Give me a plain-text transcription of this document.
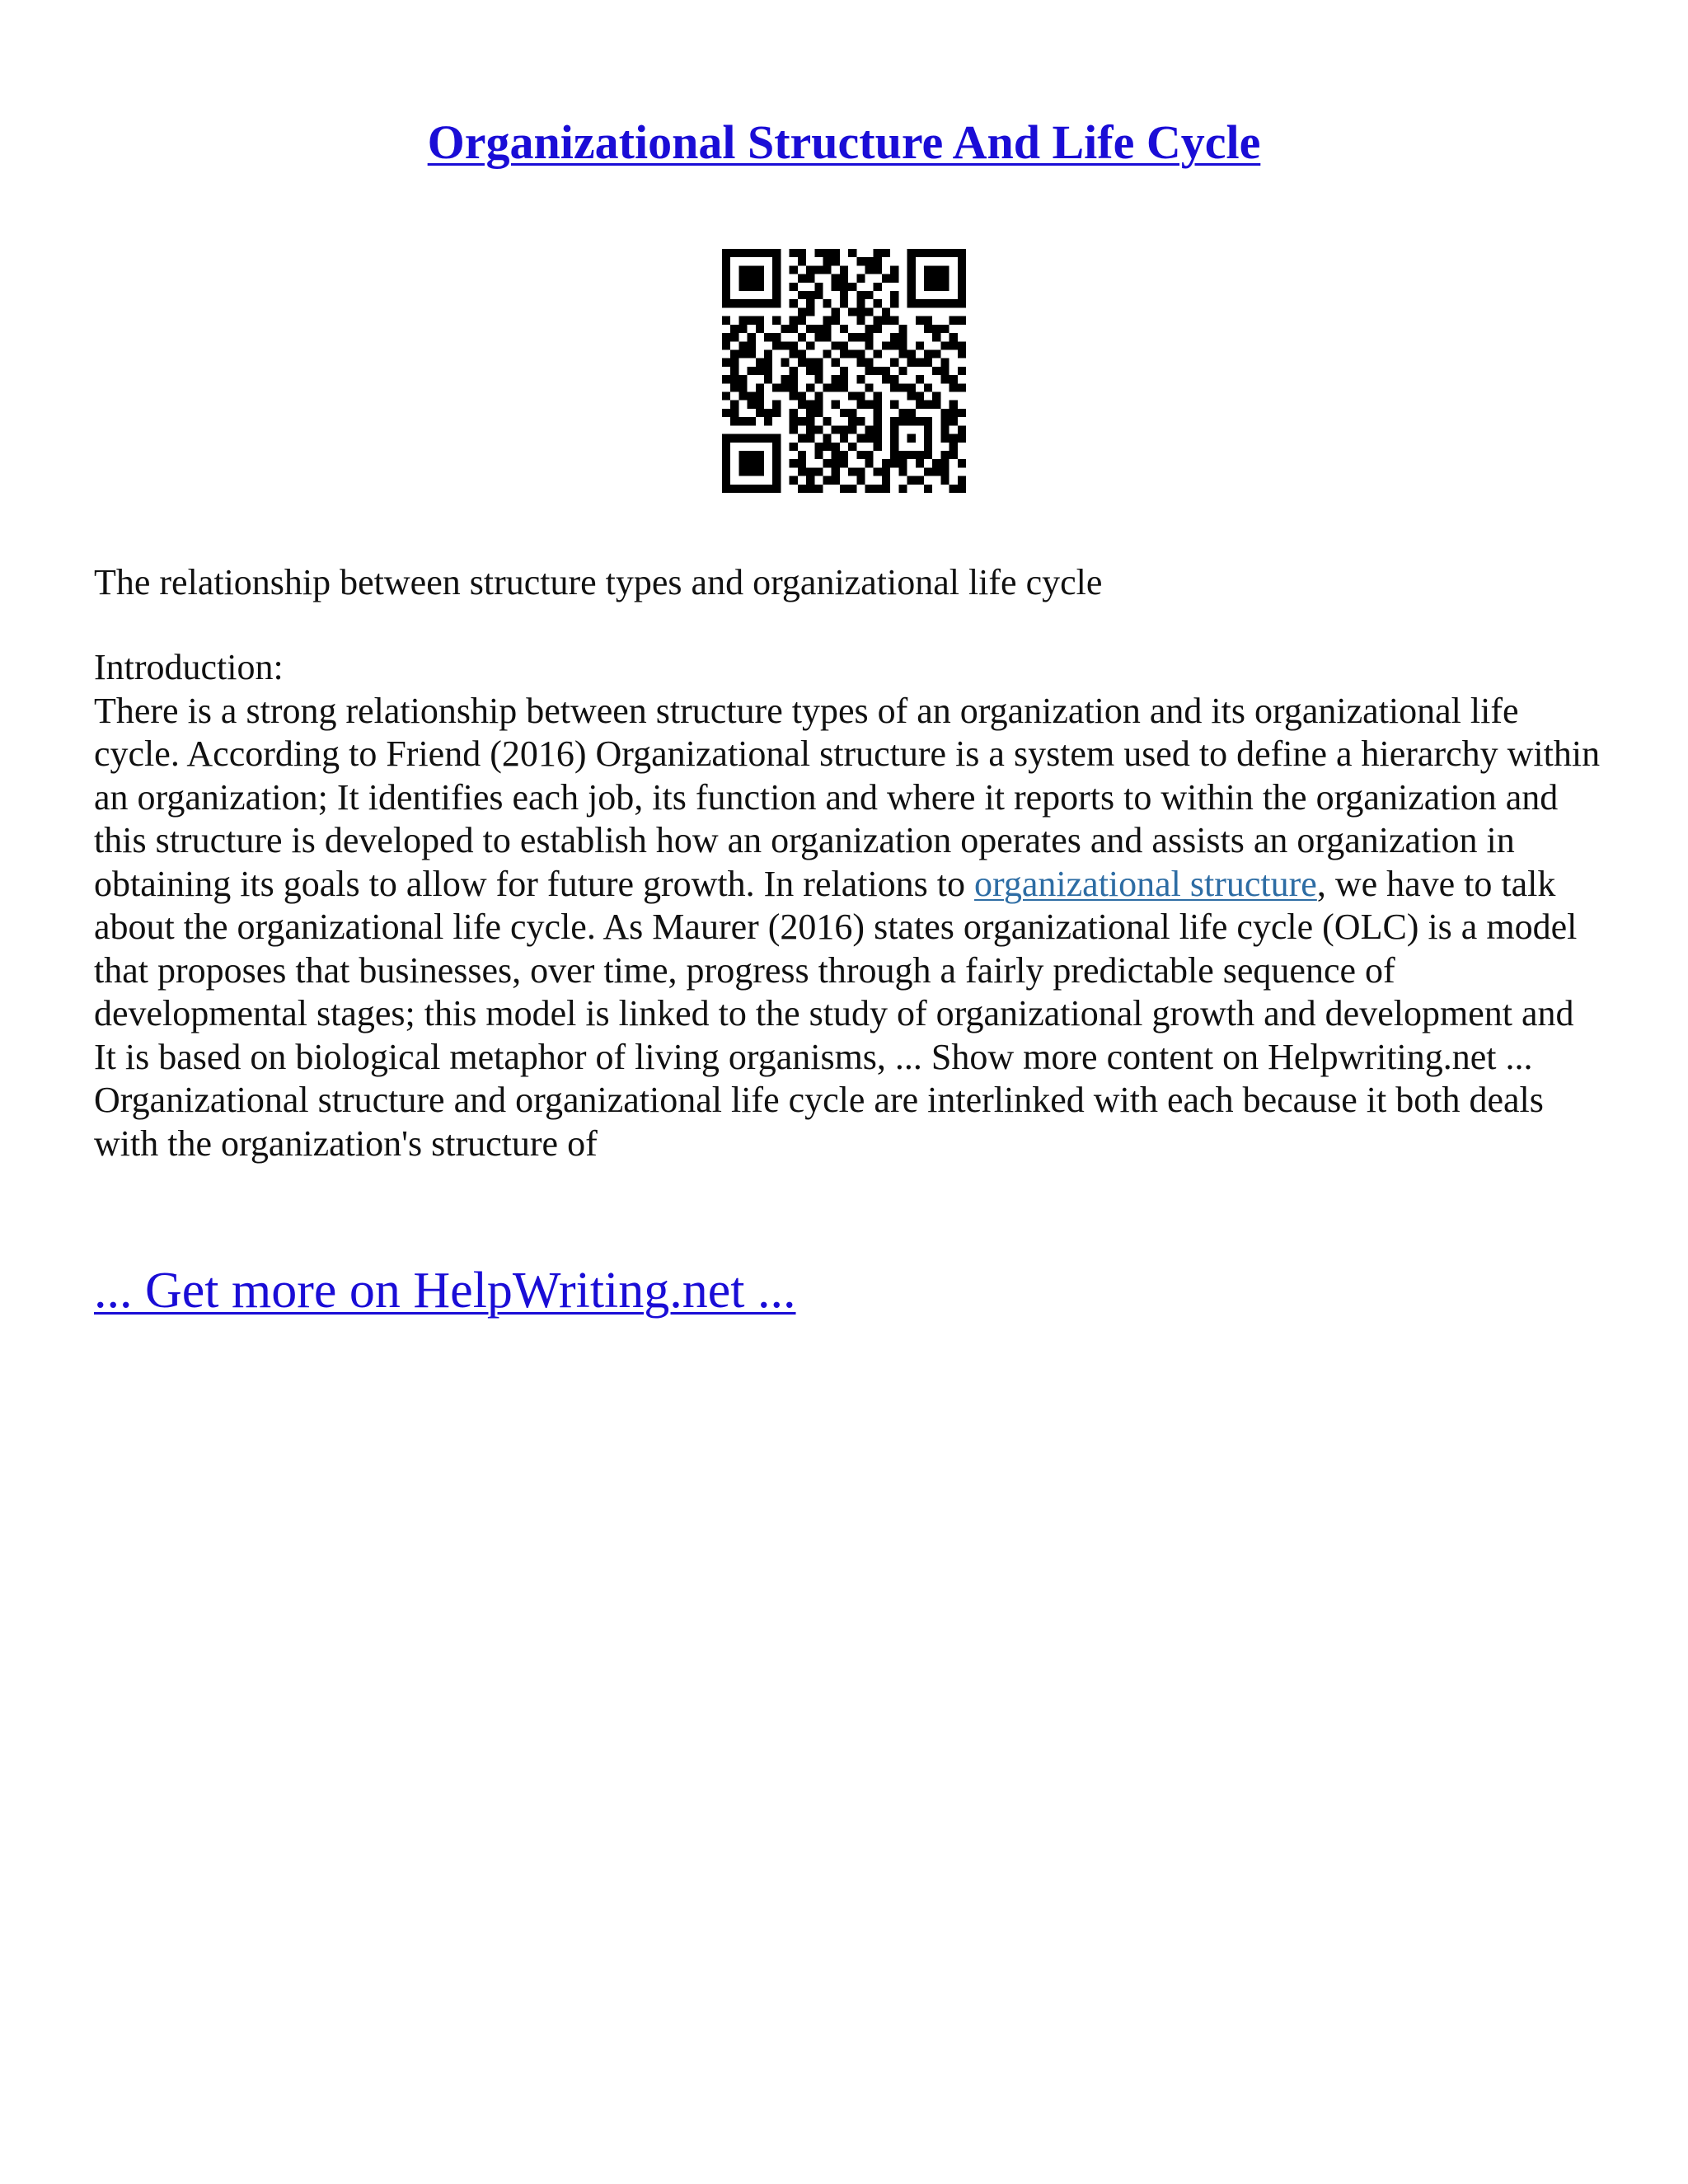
Organizational Structure And Life Cycle

The relationship between structure types and organizational life cycle

Introduction:

There is a strong relationship between structure types of an organization and its organizational life cycle. According to Friend (2016) Organizational structure is a system used to define a hierarchy within an organization; It identifies each job, its function and where it reports to within the organization and this structure is developed to establish how an organization operates and assists an organization in obtaining its goals to allow for future growth. In relations to organizational structure, we have to talk about the organizational life cycle. As Maurer (2016) states organizational life cycle (OLC) is a model that proposes that businesses, over time, progress through a fairly predictable sequence of developmental stages; this model is linked to the study of organizational growth and development and It is based on biological metaphor of living organisms, ... Show more content on Helpwriting.net ...

Organizational structure and organizational life cycle are interlinked with each because it both deals with the organization's structure of

... Get more on HelpWriting.net ...
